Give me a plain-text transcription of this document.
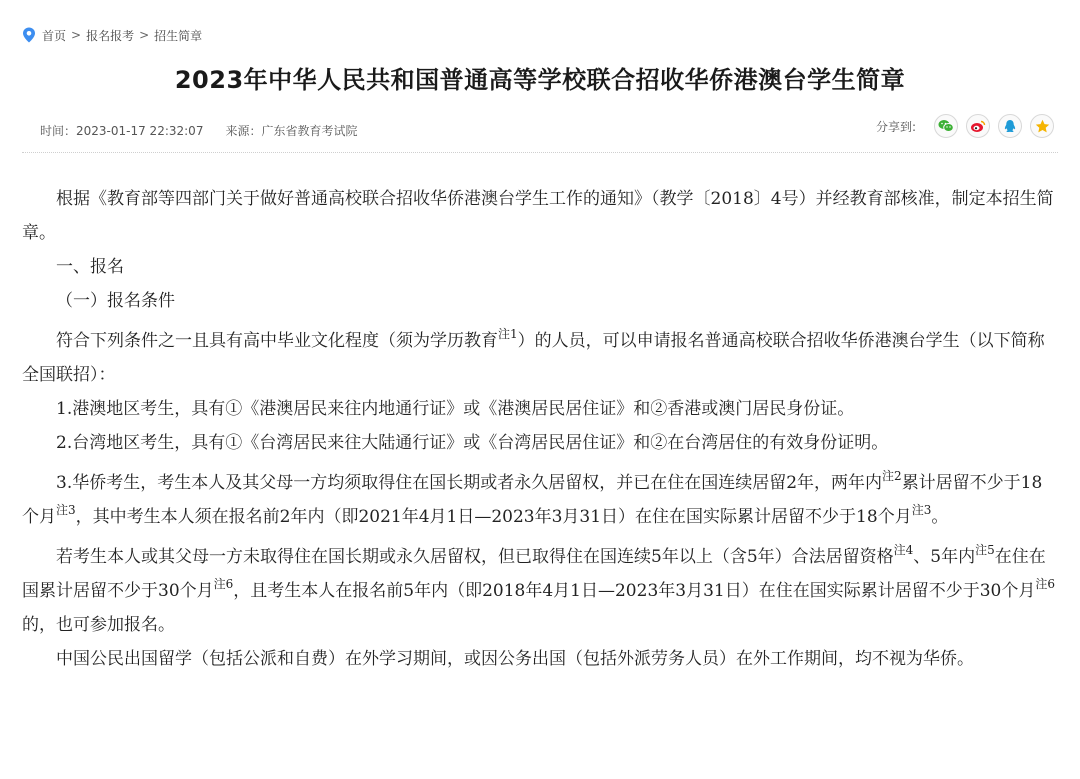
首页 > 报名报考 > 招生简章
2023年中华人民共和国普通高等学校联合招收华侨港澳台学生简章
时间：2023-01-17 22:32:07 来源：广东省教育考试院	分享到:

根据《教育部等四部门关于做好普通高校联合招收华侨港澳台学生工作的通知》（教学〔2018〕4号）并经教育部核准，制定本招生简章。

一、报名

（一）报名条件

符合下列条件之一且具有高中毕业文化程度（须为学历教育$^{注1}$）的人员，可以申请报名普通高校联合招收华侨港澳台学生（以下简称全国联招）：

1.港澳地区考生，具有①《港澳居民来往内地通行证》或《港澳居民居住证》和②香港或澳门居民身份证。

2.台湾地区考生，具有①《台湾居民来往大陆通行证》或《台湾居民居住证》和②在台湾居住的有效身份证明。

3.华侨考生，考生本人及其父母一方均须取得住在国长期或者永久居留权，并已在住在国连续居留2年，两年内$^{注2}$累计居留不少于18个月$^{注3}$，其中考生本人须在报名前2年内（即2021年4月1日—2023年3月31日）在住在国实际累计居留不少于18个月$^{注3}$。

若考生本人或其父母一方未取得住在国长期或永久居留权，但已取得住在国连续5年以上（含5年）合法居留资格$^{注4}$、5年内$^{注5}$在住在国累计居留不少于30个月$^{注6}$，且考生本人在报名前5年内（即2018年4月1日—2023年3月31日）在住在国实际累计居留不少于30个月$^{注6}$的，也可参加报名。

中国公民出国留学（包括公派和自费）在外学习期间，或因公务出国（包括外派劳务人员）在外工作期间，均不视为华侨。
